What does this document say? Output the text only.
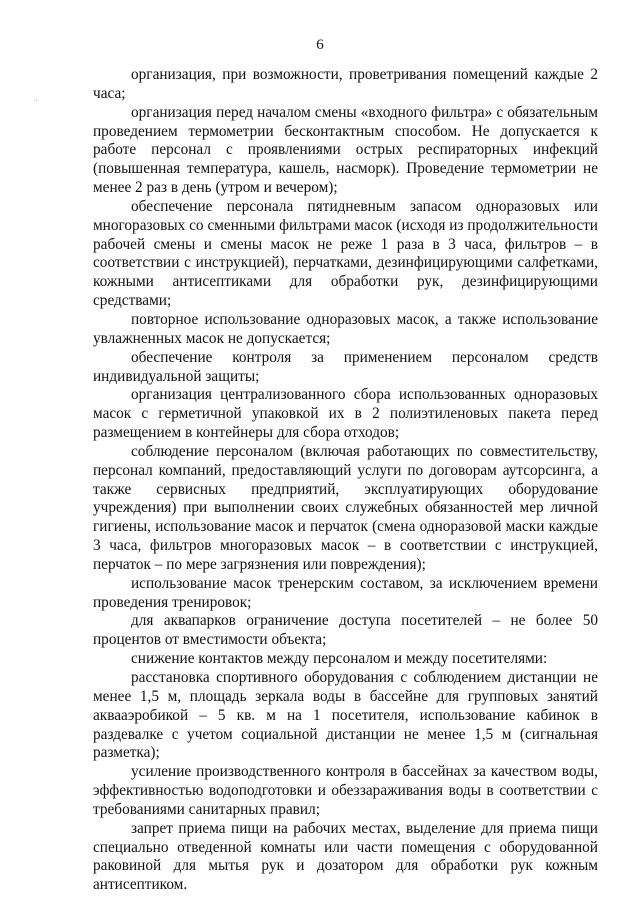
6

организация, при возможности, проветривания помещений каждые 2 часа;

организация перед началом смены «входного фильтра» с обязательным проведением термометрии бесконтактным способом. Не допускается к работе персонал с проявлениями острых респираторных инфекций (повышенная температура, кашель, насморк). Проведение термометрии не менее 2 раз в день (утром и вечером);

обеспечение персонала пятидневным запасом одноразовых или многоразовых со сменными фильтрами масок (исходя из продолжительности рабочей смены и смены масок не реже 1 раза в 3 часа, фильтров – в соответствии с инструкцией), перчатками, дезинфицирующими салфетками, кожными антисептиками для обработки рук, дезинфицирующими средствами;

повторное использование одноразовых масок, а также использование увлажненных масок не допускается;

обеспечение контроля за применением персоналом средств индивидуальной защиты;

организация централизованного сбора использованных одноразовых масок с герметичной упаковкой их в 2 полиэтиленовых пакета перед размещением в контейнеры для сбора отходов;

соблюдение персоналом (включая работающих по совместительству, персонал компаний, предоставляющий услуги по договорам аутсорсинга, а также сервисных предприятий, эксплуатирующих оборудование учреждения) при выполнении своих служебных обязанностей мер личной гигиены, использование масок и перчаток (смена одноразовой маски каждые 3 часа, фильтров многоразовых масок – в соответствии с инструкцией, перчаток – по мере загрязнения или повреждения);

использование масок тренерским составом, за исключением времени проведения тренировок;

для аквапарков ограничение доступа посетителей – не более 50 процентов от вместимости объекта;

снижение контактов между персоналом и между посетителями:

расстановка спортивного оборудования с соблюдением дистанции не менее 1,5 м, площадь зеркала воды в бассейне для групповых занятий аквааэробикой – 5 кв. м на 1 посетителя, использование кабинок в раздевалке с учетом социальной дистанции не менее 1,5 м (сигнальная разметка);

усиление производственного контроля в бассейнах за качеством воды, эффективностью водоподготовки и обеззараживания воды в соответствии с требованиями санитарных правил;

запрет приема пищи на рабочих местах, выделение для приема пищи специально отведенной комнаты или части помещения с оборудованной раковиной для мытья рук и дозатором для обработки рук кожным антисептиком.
